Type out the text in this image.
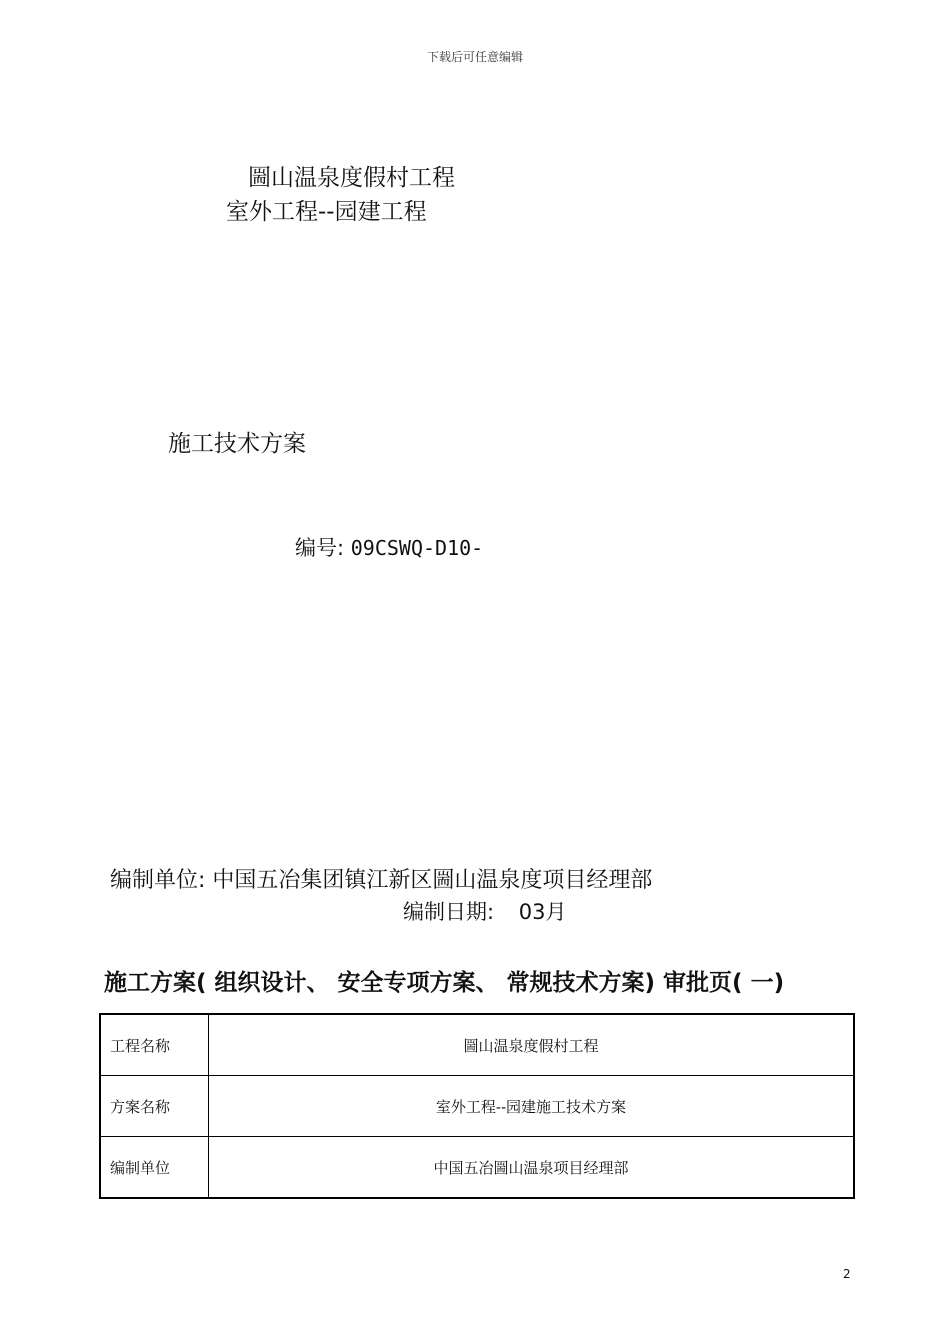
下载后可任意编辑
圌山温泉度假村工程
室外工程--园建工程
施工技术方案
编号: 09CSWQ-D10-
编制单位: 中国五冶集团镇江新区圌山温泉度项目经理部
编制日期: 03月
施工方案( 组织设计、 安全专项方案、 常规技术方案) 审批页( 一)
工程名称	圌山温泉度假村工程
方案名称	室外工程--园建施工技术方案
编制单位	中国五冶圌山温泉项目经理部
2
